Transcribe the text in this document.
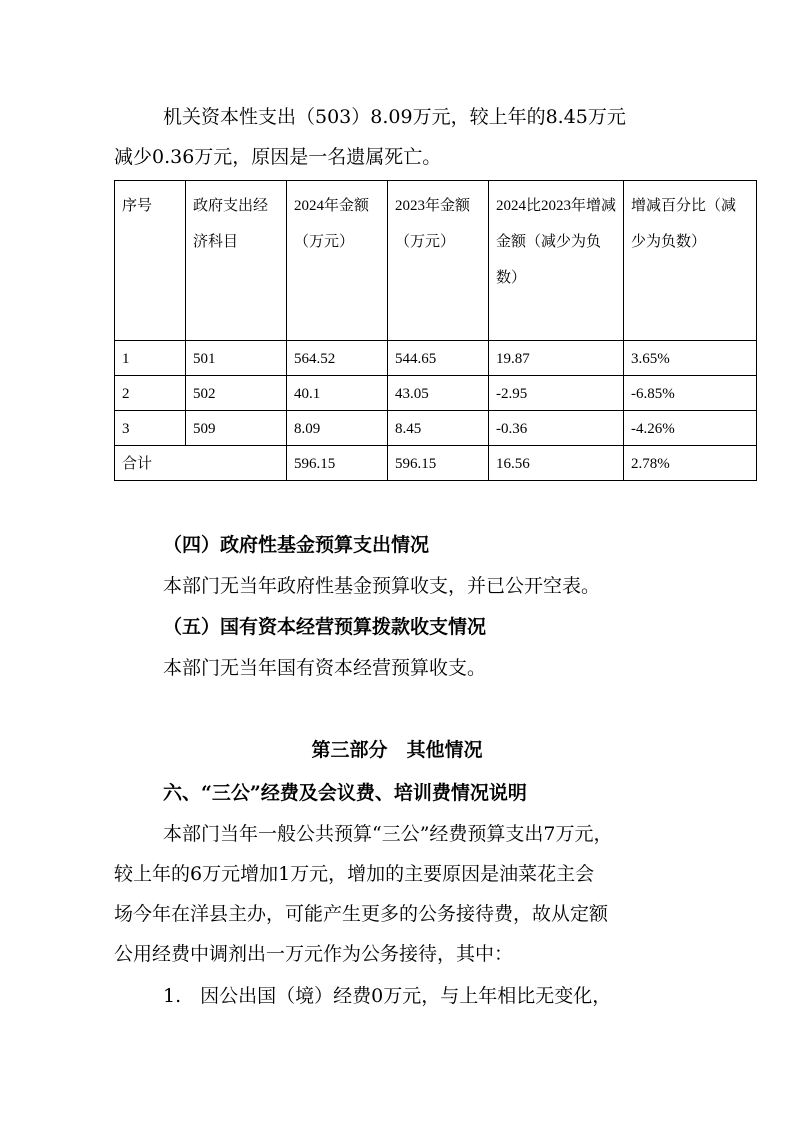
机关资本性支出（503）8.09万元，较上年的8.45万元

减少0.36万元，原因是一名遗属死亡。

序号	政府支出经济科目	2024年金额（万元）	2023年金额（万元）	2024比2023年增减金额（减少为负数）	增减百分比（减少为负数）
1	501	564.52	544.65	19.87	3.65%
2	502	40.1	43.05	-2.95	-6.85%
3	509	8.09	8.45	-0.36	-4.26%
合计		596.15	596.15	16.56	2.78%

（四）政府性基金预算支出情况

本部门无当年政府性基金预算收支，并已公开空表。

（五）国有资本经营预算拨款收支情况

本部门无当年国有资本经营预算收支。

第三部分　其他情况

六、“三公”经费及会议费、培训费情况说明

本部门当年一般公共预算“三公”经费预算支出7万元，

较上年的6万元增加1万元，增加的主要原因是油菜花主会

场今年在洋县主办，可能产生更多的公务接待费，故从定额

公用经费中调剂出一万元作为公务接待，其中：

1.　因公出国（境）经费0万元，与上年相比无变化，
